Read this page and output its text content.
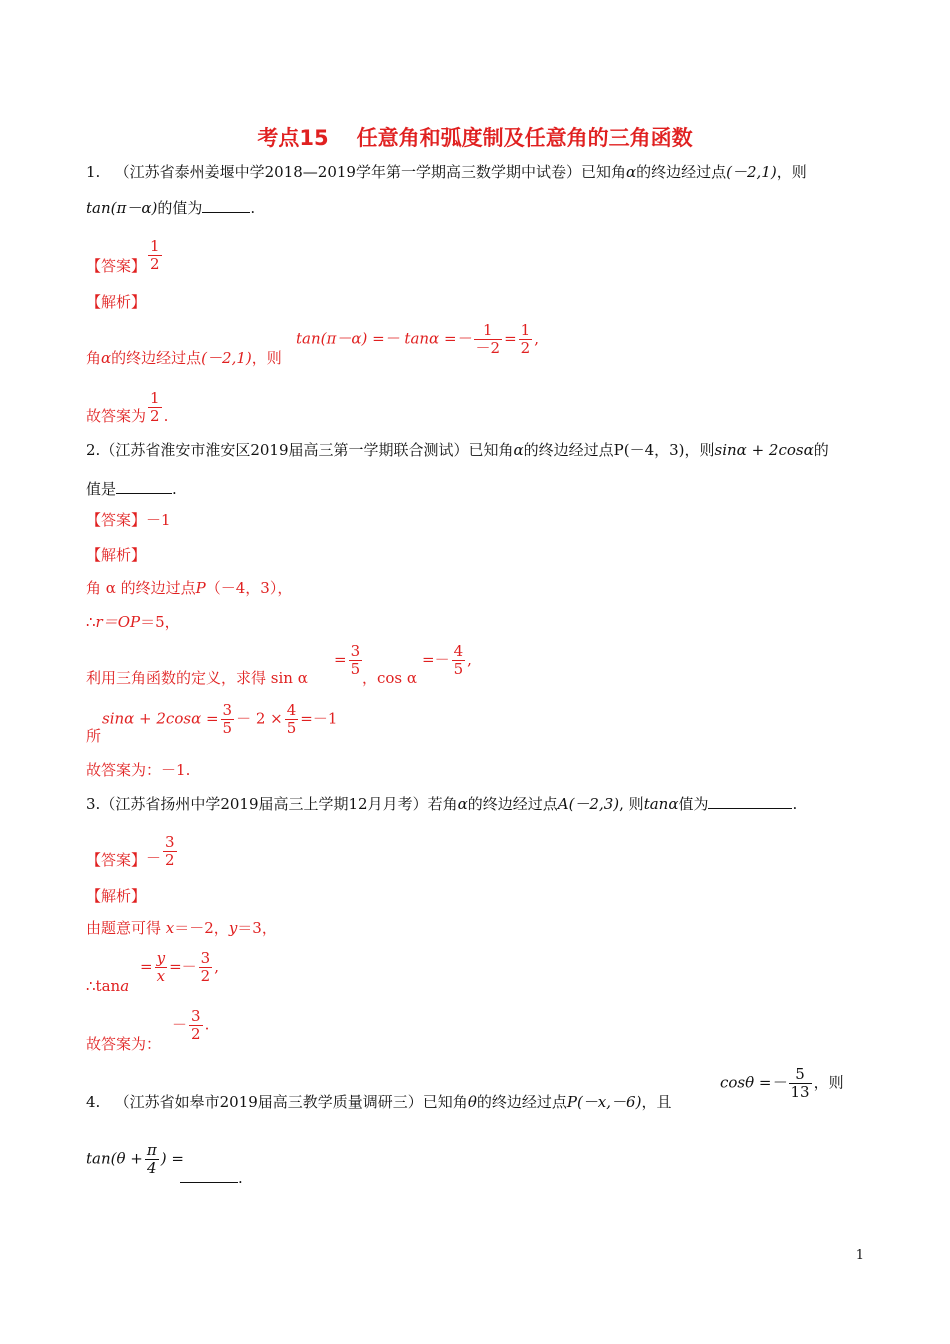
考点15 任意角和弧度制及任意角的三角函数
1. （江苏省泰州姜堰中学2018—2019学年第一学期高三数学期中试卷）已知角α的终边经过点(－2,1)，则
tan(π－α)的值为	.
【答案】 $\frac{1}{2}$
【解析】
角α的终边经过点(－2,1)，则
$\tan(\pi-\alpha) =- \tan\alpha =- \frac{1}{-2} = \frac{1}{2}$ ,
故答案为 $\frac{1}{2}$ .
2.（江苏省淮安市淮安区2019届高三第一学期联合测试）已知角α的终边经过点P(－4，3)，则sinα + 2cosα的
值是	.
【答案】－1
【解析】
角 α 的终边过点P（－4，3），
∴r＝OP＝5，
利用三角函数的定义，求得 sin α
= $\frac{3}{5}$ ，cos α
=－ $\frac{4}{5}$ ,
$\sin\alpha + 2\cos\alpha = \frac{3}{5} - 2 \times \frac{4}{5} =-1$
所
故答案为：－1.
3.（江苏省扬州中学2019届高三上学期12月月考）若角α的终边经过点A(－2,3), 则tanα值为	.
【答案】－ $\frac{3}{2}$
【解析】
由题意可得 x＝－2，y＝3，
∴tana
= $\frac{y}{x} =- \frac{3}{2}$ ,
故答案为：
－ $\frac{3}{2}$ .
4. （江苏省如皋市2019届高三教学质量调研三）已知角θ的终边经过点P(－x,－6)，且
$\cos\theta =- \frac{5}{13}$ ，则
$\tan(\theta + \frac{\pi}{4}$ ) =
.
1
